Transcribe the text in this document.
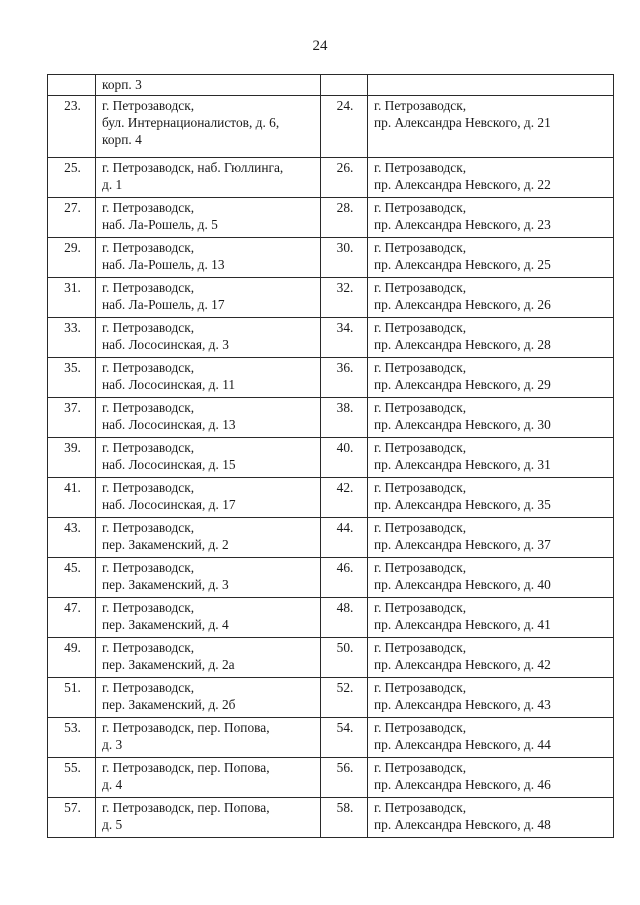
24

	корп. 3		

23.	г. Петрозаводск,
бул. Интернационалистов, д. 6,
корп. 4	24.	г. Петрозаводск,
пр. Александра Невского, д. 21

25.	г. Петрозаводск, наб. Гюллинга,
д. 1	26.	г. Петрозаводск,
пр. Александра Невского, д. 22

27.	г. Петрозаводск,
наб. Ла-Рошель, д. 5	28.	г. Петрозаводск,
пр. Александра Невского, д. 23

29.	г. Петрозаводск,
наб. Ла-Рошель, д. 13	30.	г. Петрозаводск,
пр. Александра Невского, д. 25

31.	г. Петрозаводск,
наб. Ла-Рошель, д. 17	32.	г. Петрозаводск,
пр. Александра Невского, д. 26

33.	г. Петрозаводск,
наб. Лососинская, д. 3	34.	г. Петрозаводск,
пр. Александра Невского, д. 28

35.	г. Петрозаводск,
наб. Лососинская, д. 11	36.	г. Петрозаводск,
пр. Александра Невского, д. 29

37.	г. Петрозаводск,
наб. Лососинская, д. 13	38.	г. Петрозаводск,
пр. Александра Невского, д. 30

39.	г. Петрозаводск,
наб. Лососинская, д. 15	40.	г. Петрозаводск,
пр. Александра Невского, д. 31

41.	г. Петрозаводск,
наб. Лососинская, д. 17	42.	г. Петрозаводск,
пр. Александра Невского, д. 35

43.	г. Петрозаводск,
пер. Закаменский, д. 2	44.	г. Петрозаводск,
пр. Александра Невского, д. 37

45.	г. Петрозаводск,
пер. Закаменский, д. 3	46.	г. Петрозаводск,
пр. Александра Невского, д. 40

47.	г. Петрозаводск,
пер. Закаменский, д. 4	48.	г. Петрозаводск,
пр. Александра Невского, д. 41

49.	г. Петрозаводск,
пер. Закаменский, д. 2а	50.	г. Петрозаводск,
пр. Александра Невского, д. 42

51.	г. Петрозаводск,
пер. Закаменский, д. 2б	52.	г. Петрозаводск,
пр. Александра Невского, д. 43

53.	г. Петрозаводск, пер. Попова,
д. 3	54.	г. Петрозаводск,
пр. Александра Невского, д. 44

55.	г. Петрозаводск, пер. Попова,
д. 4	56.	г. Петрозаводск,
пр. Александра Невского, д. 46

57.	г. Петрозаводск, пер. Попова,
д. 5	58.	г. Петрозаводск,
пр. Александра Невского, д. 48
